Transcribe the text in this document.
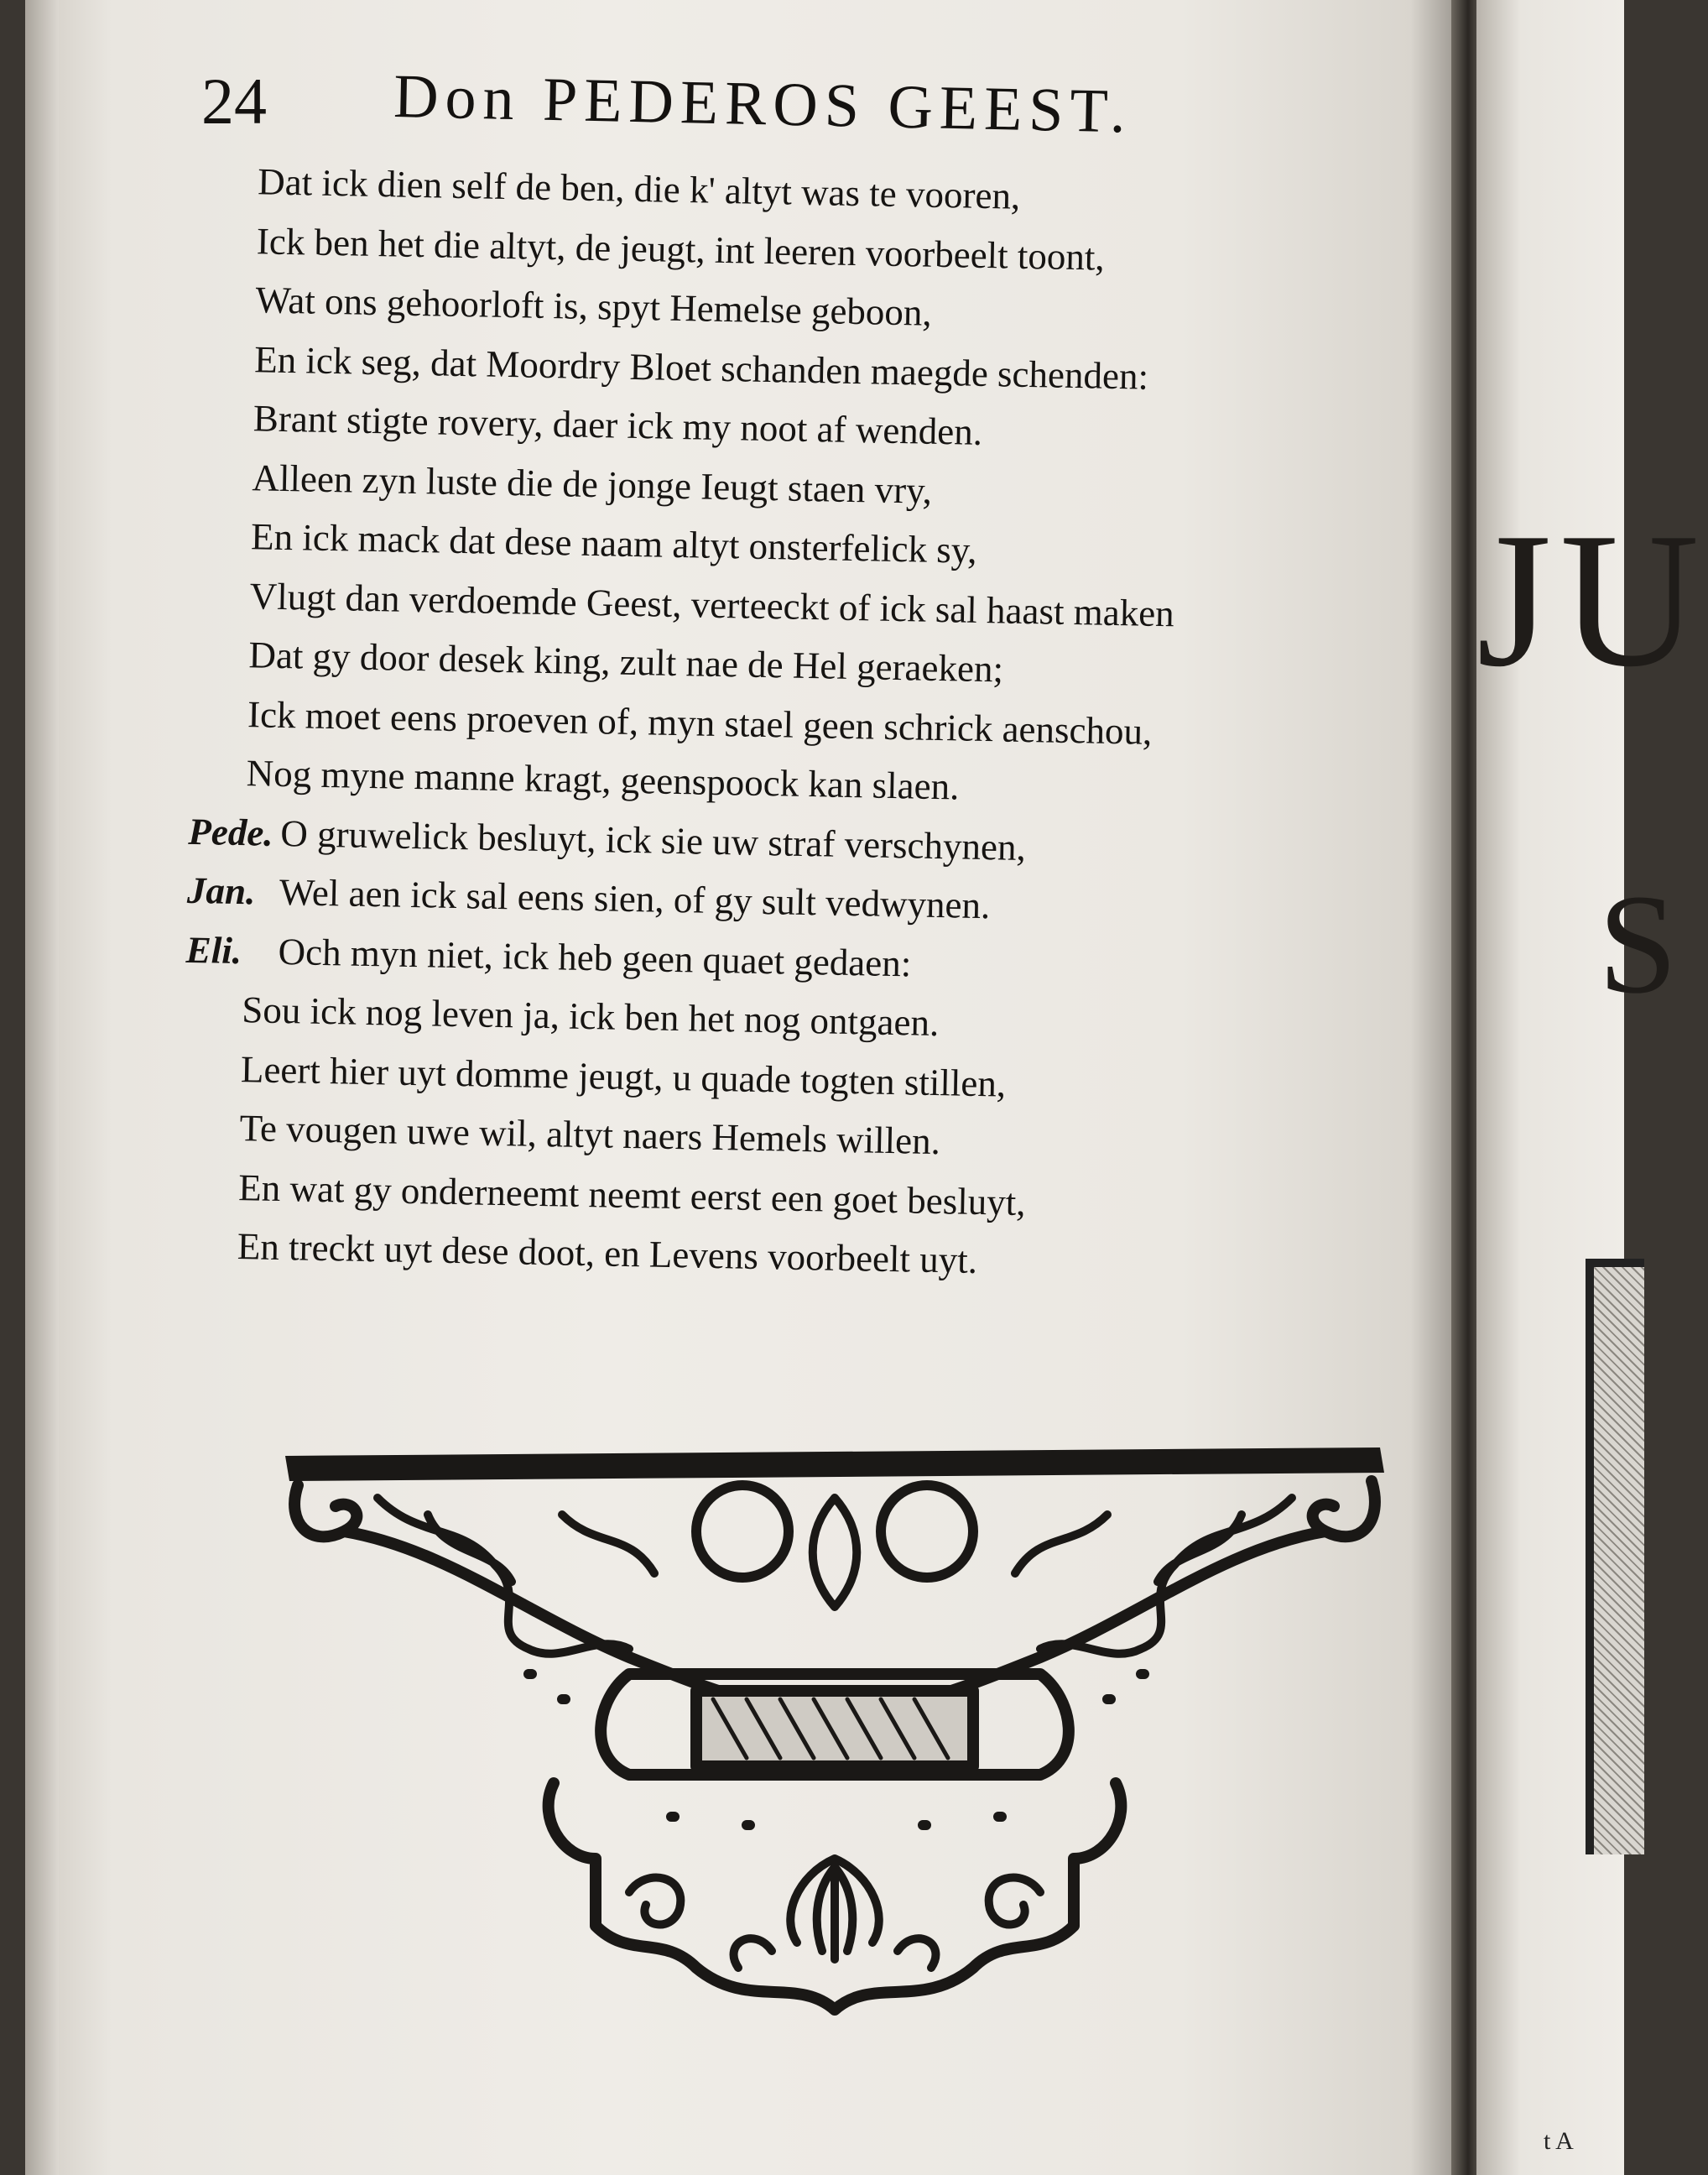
JU
S
t A
24 Don PEDEROS GEEST.
Dat ick dien self de ben, die k' altyt was te vooren,
Ick ben het die altyt, de jeugt, int leeren voorbeelt toont,
Wat ons gehoorloft is, spyt Hemelse geboon,
En ick seg, dat Moordry Bloet schanden maegde schenden:
Brant stigte rovery, daer ick my noot af wenden.
Alleen zyn luste die de jonge Ieugt staen vry,
En ick mack dat dese naam altyt onsterfelick sy,
Vlugt dan verdoemde Geest, verteeckt of ick sal haast maken
Dat gy door desek king, zult nae de Hel geraeken;
Ick moet eens proeven of, myn stael geen schrick aenschou,
Nog myne manne kragt, geenspoock kan slaen.
Pede. O gruwelick besluyt, ick sie uw straf verschynen,
Jan. Wel aen ick sal eens sien, of gy sult vedwynen.
Eli. Och myn niet, ick heb geen quaet gedaen:
Sou ick nog leven ja, ick ben het nog ontgaen.
Leert hier uyt domme jeugt, u quade togten stillen,
Te vougen uwe wil, altyt naers Hemels willen.
En wat gy onderneemt neemt eerst een goet besluyt,
En treckt uyt dese doot, en Levens voorbeelt uyt.
